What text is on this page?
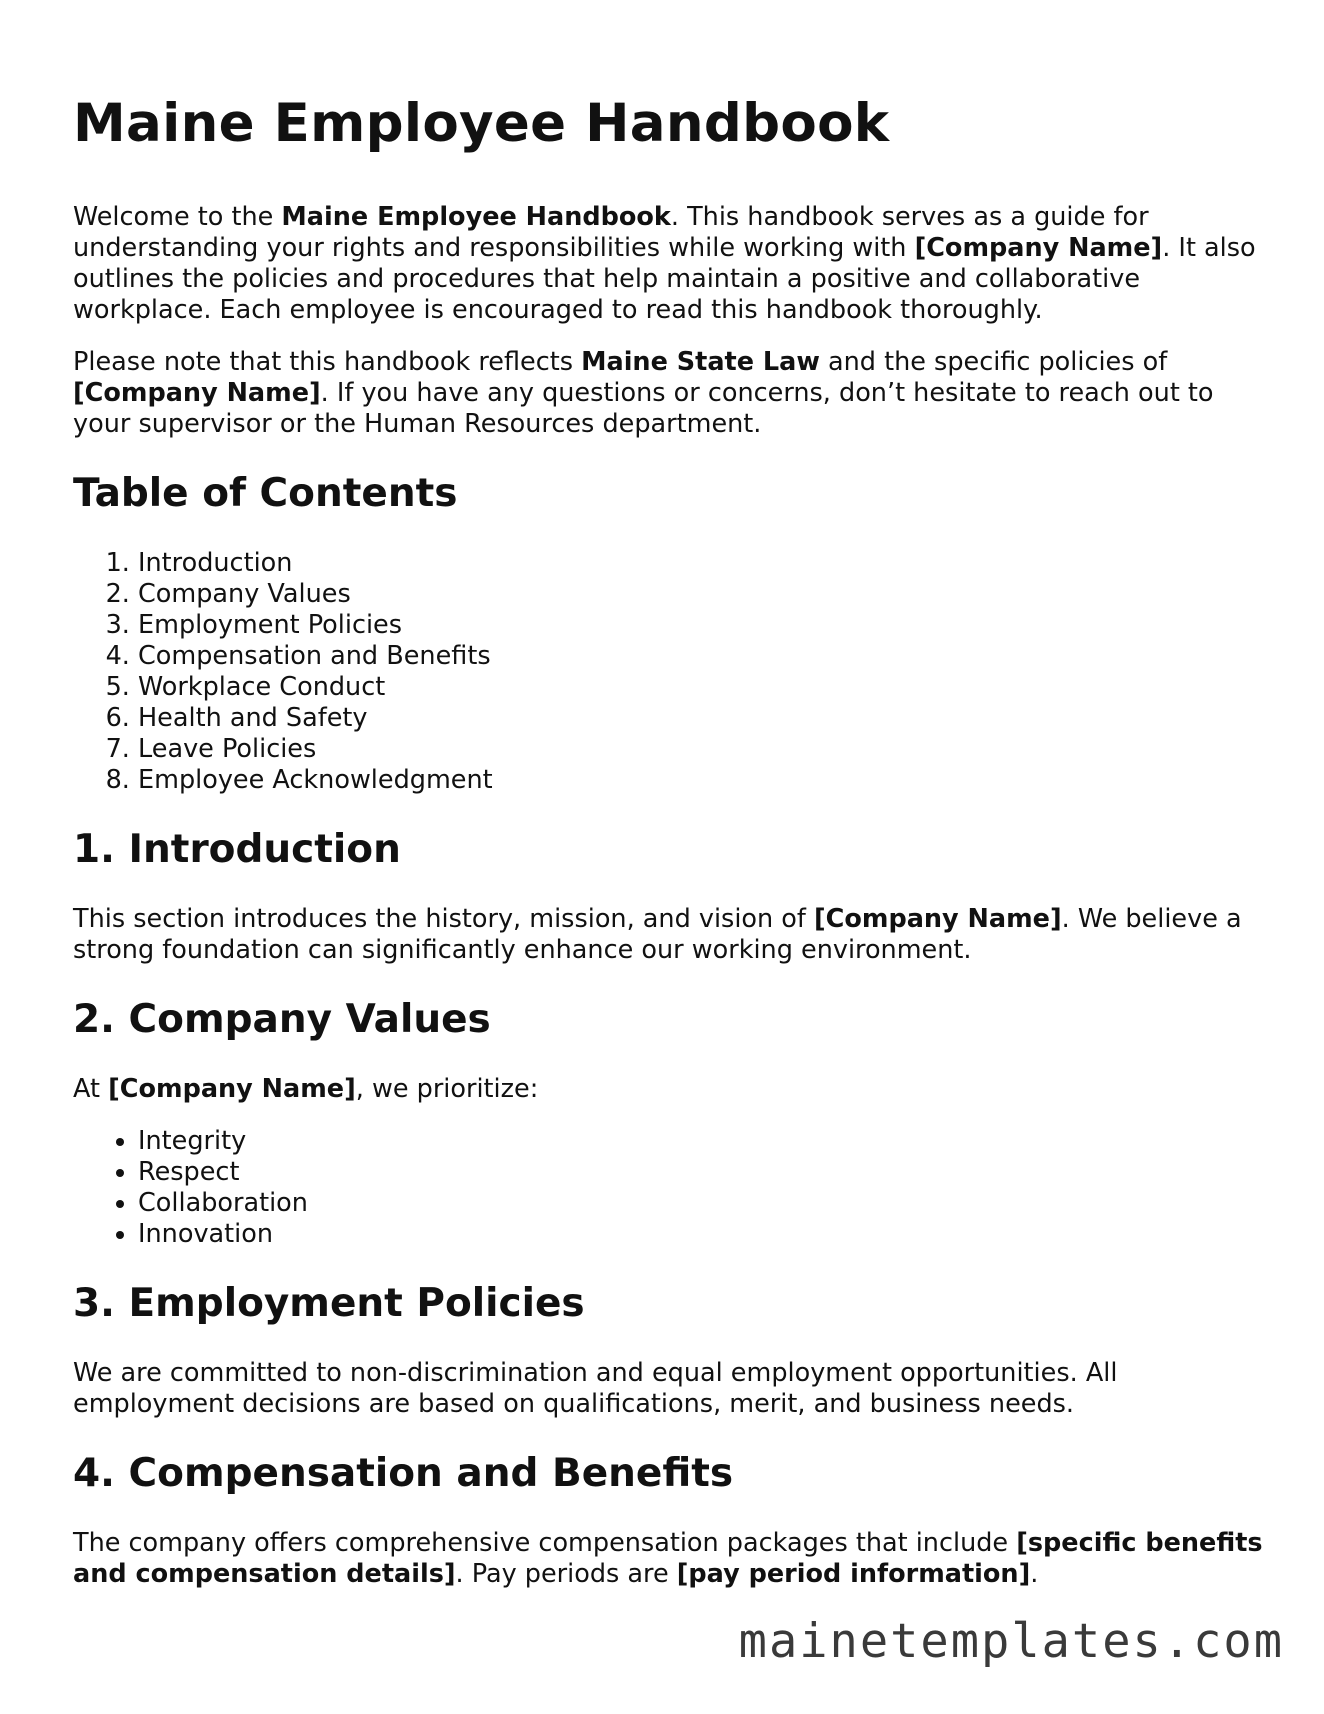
Maine Employee Handbook

Welcome to the Maine Employee Handbook. This handbook serves as a guide for understanding your rights and responsibilities while working with [Company Name]. It also outlines the policies and procedures that help maintain a positive and collaborative workplace. Each employee is encouraged to read this handbook thoroughly.

Please note that this handbook reflects Maine State Law and the specific policies of [Company Name]. If you have any questions or concerns, don’t hesitate to reach out to your supervisor or the Human Resources department.

Table of Contents
1. Introduction
2. Company Values
3. Employment Policies
4. Compensation and Benefits
5. Workplace Conduct
6. Health and Safety
7. Leave Policies
8. Employee Acknowledgment
1. Introduction

This section introduces the history, mission, and vision of [Company Name]. We believe a strong foundation can significantly enhance our working environment.

2. Company Values

At [Company Name], we prioritize:

• Integrity
• Respect
• Collaboration
• Innovation
3. Employment Policies

We are committed to non-discrimination and equal employment opportunities. All employment decisions are based on qualifications, merit, and business needs.

4. Compensation and Benefits

The company offers comprehensive compensation packages that include [specific benefits and compensation details]. Pay periods are [pay period information].

mainetemplates.com
